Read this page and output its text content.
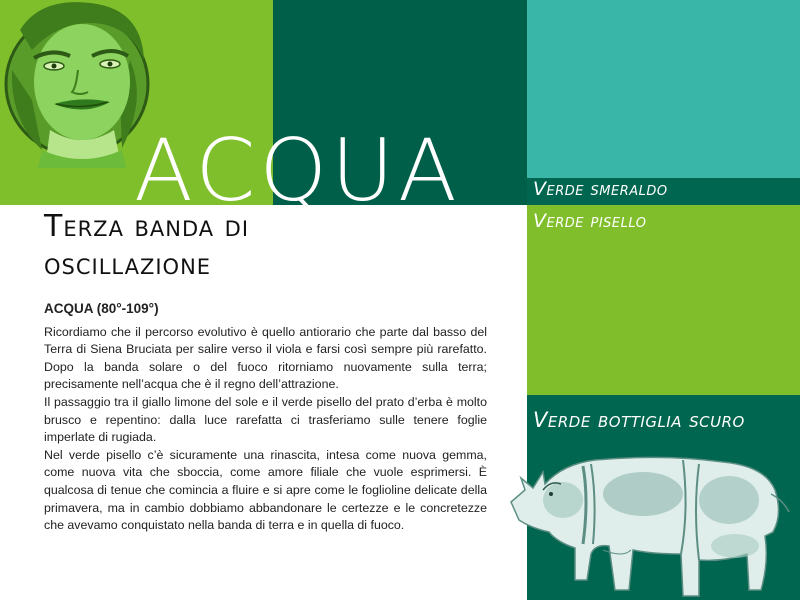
ACQUA	Verde smeraldo
Verde pisello
Verde bottiglia scuro
Terza banda di
oscillazione
ACQUA (80°-109°)

Ricordiamo che il percorso evolutivo è quello antiorario che parte dal basso del Terra di Siena Bruciata per salire verso il viola e farsi così sempre più rarefatto. Dopo la banda solare o del fuoco ritorniamo nuovamente sulla terra; precisamente nell’acqua che è il regno dell’attrazione.

Il passaggio tra il giallo limone del sole e il verde pisello del prato d’erba è molto brusco e repentino: dalla luce rarefatta ci trasferiamo sulle tenere foglie imperlate di rugiada.

Nel verde pisello c’è sicuramente una rinascita, intesa come nuova gemma, come nuova vita che sboccia, come amore filiale che vuole esprimersi. È qualcosa di tenue che comincia a fluire e si apre come le foglioline delicate della primavera, ma in cambio dobbiamo abbandonare le certezze e le concretezze che avevamo conquistato nella banda di terra e in quella di fuoco.
